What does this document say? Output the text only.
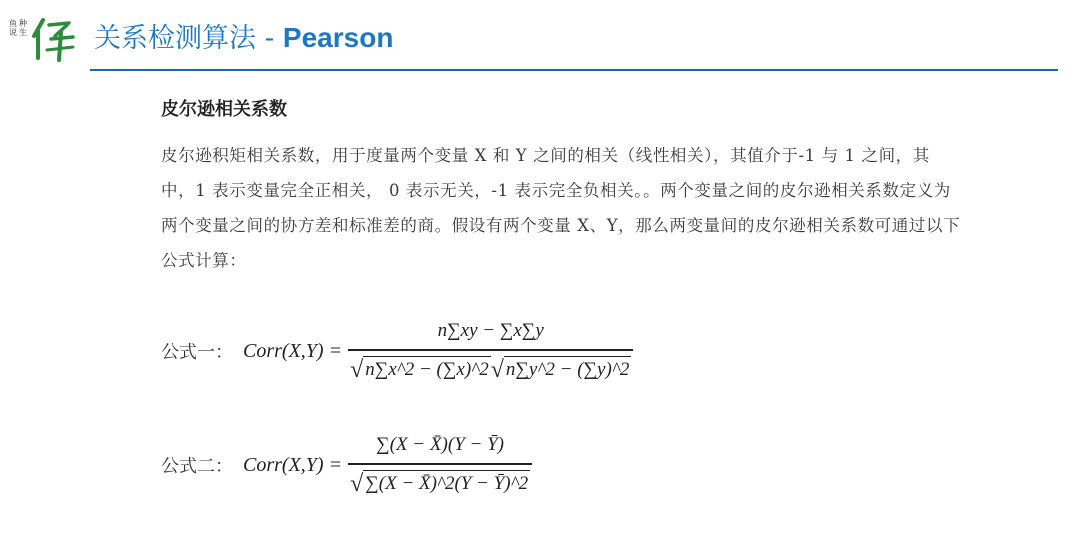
鱼说
种生
仟
关系检测算法 - Pearson
皮尔逊相关系数

皮尔逊积矩相关系数，用于度量两个变量 X 和 Y 之间的相关（线性相关），其值介于-1 与 1 之间，其中，1 表示变量完全正相关， 0 表示无关，-1 表示完全负相关。。两个变量之间的皮尔逊相关系数定义为两个变量之间的协方差和标准差的商。假设有两个变量 X、Y，那么两变量间的皮尔逊相关系数可通过以下公式计算：

公式一： Corr(X,Y) = $\frac{n\sum xy - \sum x\sum y}{√ n\sum x\^{}2 - (\sum x)\^{}2 √ n\sum y\^{}2 - (\sum y)\^{}2}$
公式二： Corr(X,Y) = $\frac{\sum(X - X̄)(Y - Ȳ)}{√ \sum(X - X̄)\^{}2(Y - Ȳ)\^{}2}$
